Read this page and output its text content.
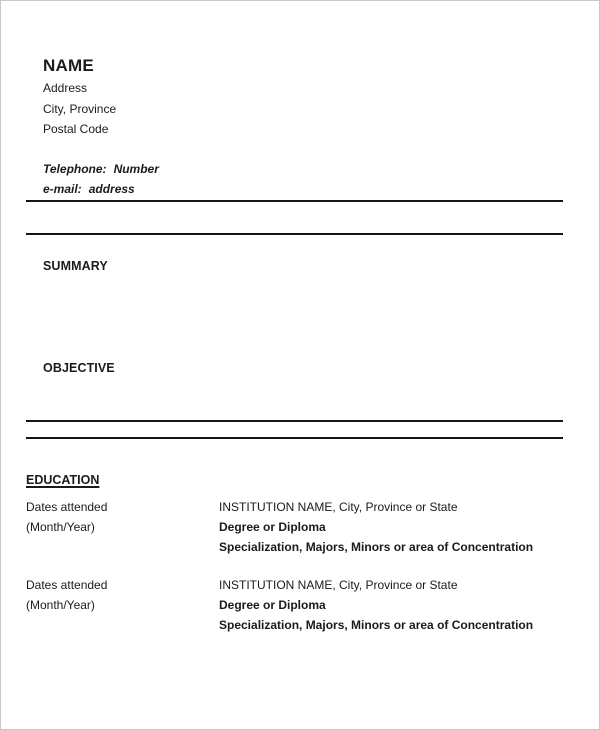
NAME
Address
City, Province
Postal Code
Telephone: Number
e-mail: address
SUMMARY
OBJECTIVE
EDUCATION
Dates attended
(Month/Year)
INSTITUTION NAME, City, Province or State
Degree or Diploma
Specialization, Majors, Minors or area of Concentration
Dates attended
(Month/Year)
INSTITUTION NAME, City, Province or State
Degree or Diploma
Specialization, Majors, Minors or area of Concentration
